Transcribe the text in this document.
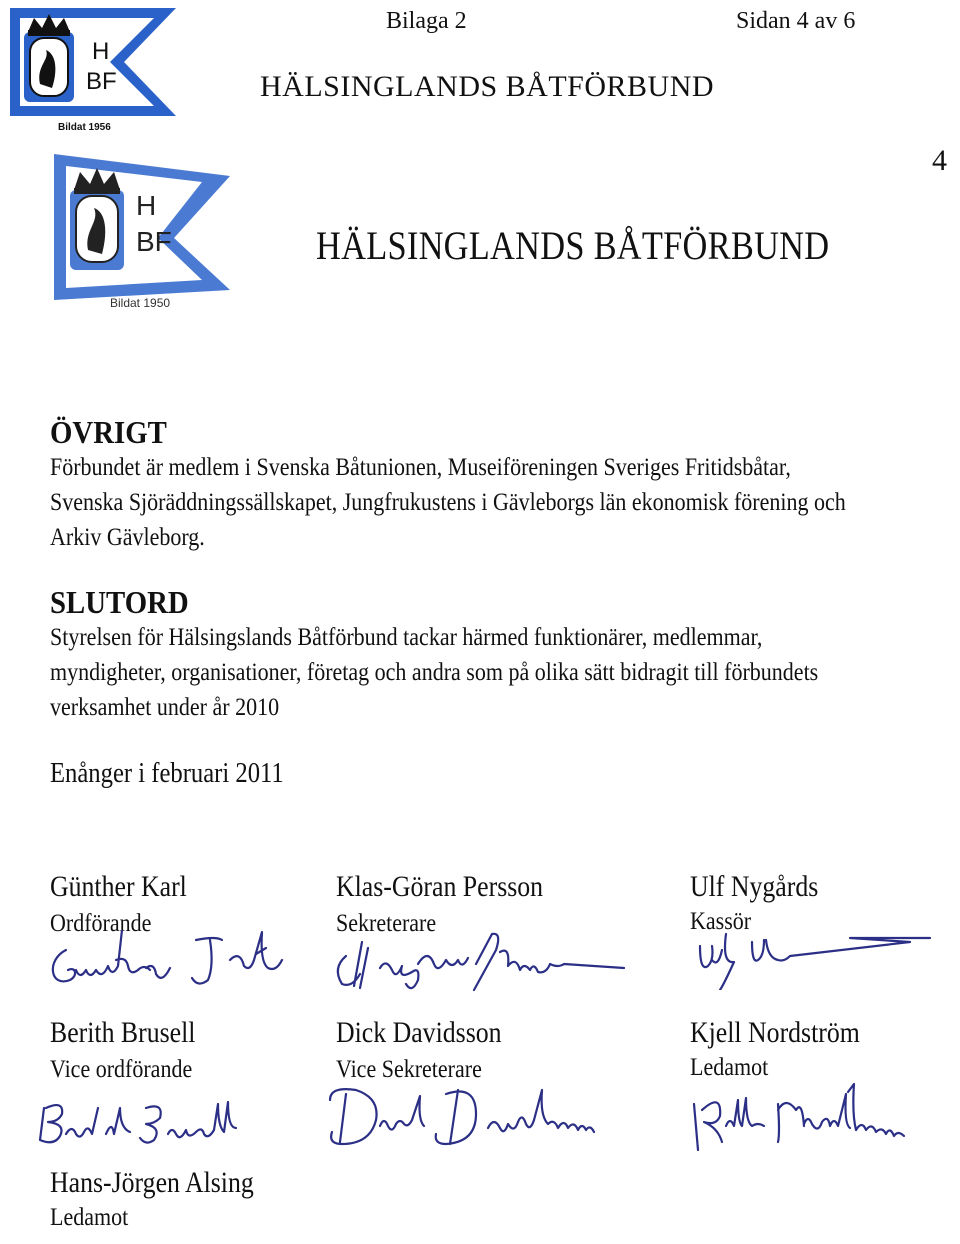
H
BF
Bildat 1956
Bilaga 2	Sidan 4 av 6
HÄLSINGLANDS BÅTFÖRBUND
H
BF
Bildat 1950
HÄLSINGLANDS BÅTFÖRBUND
4
ÖVRIGT
Förbundet är medlem i Svenska Båtunionen, Museiföreningen Sveriges Fritidsbåtar,
Svenska Sjöräddningssällskapet, Jungfrukustens i Gävleborgs län ekonomisk förening och
Arkiv Gävleborg.
SLUTORD
Styrelsen för Hälsingslands Båtförbund tackar härmed funktionärer, medlemmar,
myndigheter, organisationer, företag och andra som på olika sätt bidragit till förbundets
verksamhet under år 2010
Enånger i februari 2011
Günther Karl
Ordförande
Klas-Göran Persson
Sekreterare
Ulf Nygårds
Kassör
Berith Brusell
Vice ordförande
Dick Davidsson
Vice Sekreterare
Kjell Nordström
Ledamot
Hans-Jörgen Alsing
Ledamot
